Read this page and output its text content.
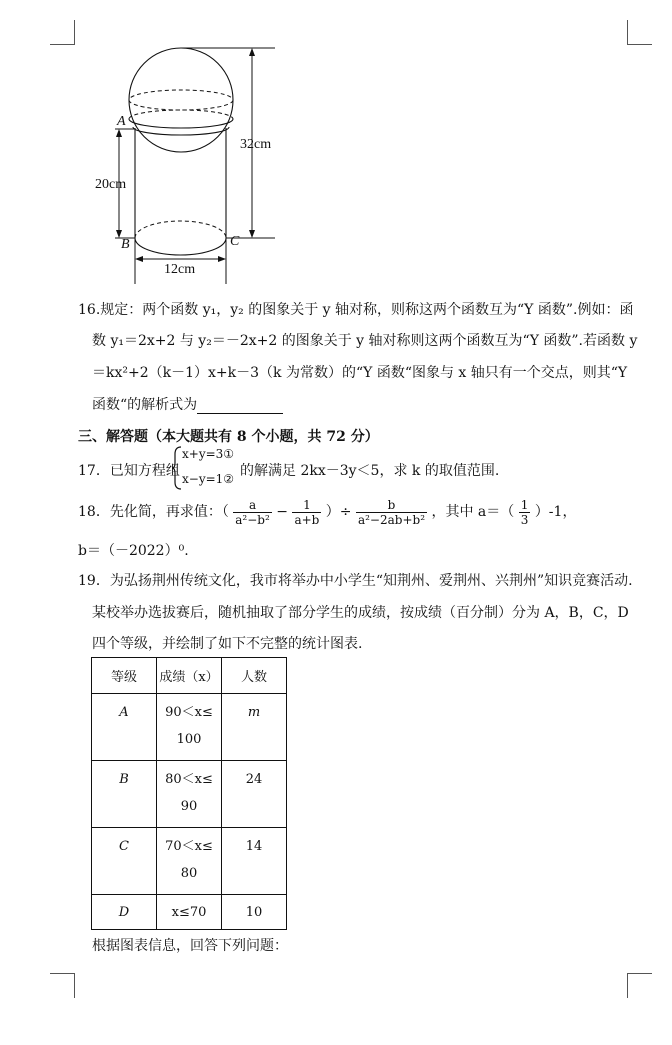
A
B	C
32cm
20cm
12cm
16.规定：两个函数 y₁，y₂ 的图象关于 y 轴对称，则称这两个函数互为“Y 函数”.例如：函
数 y₁＝2x+2 与 y₂＝－2x+2 的图象关于 y 轴对称则这两个函数互为“Y 函数”.若函数 y
＝kx²+2（k－1）x+k－3（k 为常数）的“Y 函数“图象与 x 轴只有一个交点，则其“Y
函数“的解析式为
三、解答题（本大题共有 8 个小题，共 72 分）
17．已知方程组
x+y=3①
x−y=1② 的解满足 2kx－3y＜5，求 k 的取值范围.
18．先化简，再求值：（ $\frac{a}{\text{a²−b²}} - \frac{1}{a+b}$ ）÷ $\frac{b}{\text{a²−2ab+b²}}$ ，其中 $a=( \frac{1}{3} )-1$，
b＝（－2022）⁰.
19．为弘扬荆州传统文化，我市将举办中小学生“知荆州、爱荆州、兴荆州”知识竞赛活动.
某校举办选拔赛后，随机抽取了部分学生的成绩，按成绩（百分制）分为 A，B，C，D
四个等级，并绘制了如下不完整的统计图表.
等级	成绩（x）	人数

A	90＜x≤
100	m

B	80＜x≤
90	24

C	70＜x≤
80	14

D	x≤70	10
根据图表信息，回答下列问题：
